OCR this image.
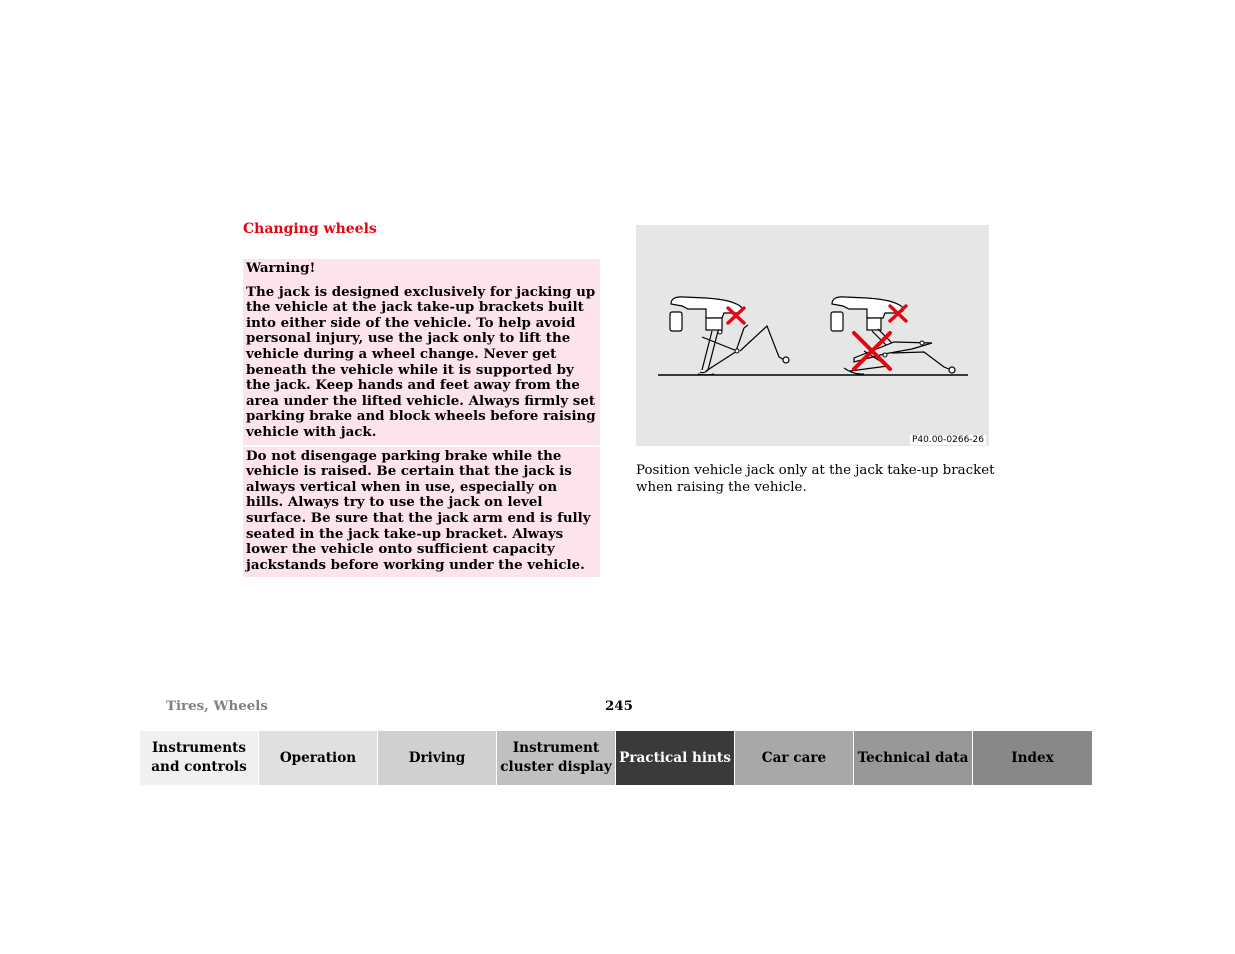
Changing wheels
Warning!
The jack is designed exclusively for jacking up the vehicle at the jack take-up brackets built into either side of the vehicle. To help avoid personal injury, use the jack only to lift the vehicle during a wheel change. Never get beneath the vehicle while it is supported by the jack. Keep hands and feet away from the area under the lifted vehicle. Always firmly set parking brake and block wheels before raising vehicle with jack.
Do not disengage parking brake while the vehicle is raised. Be certain that the jack is always vertical when in use, especially on hills. Always try to use the jack on level surface. Be sure that the jack arm end is fully seated in the jack take-up bracket. Always lower the vehicle onto sufficient capacity jackstands before working under the vehicle.
P40.00-0266-26
Position vehicle jack only at the jack take-up bracket when raising the vehicle.
Tires, Wheels	245
Instruments and controls
Operation	Driving
Instrument cluster display
Practical hints	Car care	Technical data	Index
